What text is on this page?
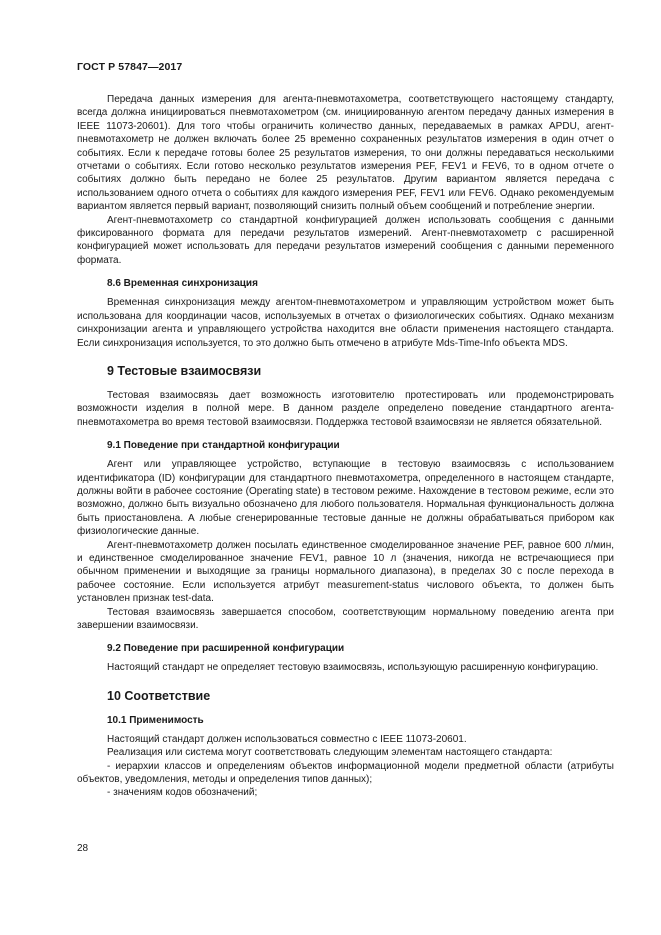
ГОСТ Р 57847—2017

Передача данных измерения для агента-пневмотахометра, соответствующего настоящему стандарту, всегда должна инициироваться пневмотахометром (см. инициированную агентом передачу данных измерения в IEEE 11073-20601). Для того чтобы ограничить количество данных, передаваемых в рамках APDU, агент-пневмотахометр не должен включать более 25 временно сохраненных результатов измерения в один отчет о событиях. Если к передаче готовы более 25 результатов измерения, то они должны передаваться несколькими отчетами о событиях. Если готово несколько результатов измерения PEF, FEV1 и FEV6, то в одном отчете о событиях должно быть передано не более 25 результатов. Другим вариантом является передача с использованием одного отчета о событиях для каждого измерения PEF, FEV1 или FEV6. Однако рекомендуемым вариантом является первый вариант, позволяющий снизить полный объем сообщений и потребление энергии.

Агент-пневмотахометр со стандартной конфигурацией должен использовать сообщения с данными фиксированного формата для передачи результатов измерений. Агент-пневмотахометр с расширенной конфигурацией может использовать для передачи результатов измерений сообщения с данными переменного формата.

8.6 Временная синхронизация

Временная синхронизация между агентом-пневмотахометром и управляющим устройством может быть использована для координации часов, используемых в отчетах о физиологических событиях. Однако механизм синхронизации агента и управляющего устройства находится вне области применения настоящего стандарта. Если синхронизация используется, то это должно быть отмечено в атрибуте Mds-Time-Info объекта MDS.

9 Тестовые взаимосвязи

Тестовая взаимосвязь дает возможность изготовителю протестировать или продемонстрировать возможности изделия в полной мере. В данном разделе определено поведение стандартного агента-пневмотахометра во время тестовой взаимосвязи. Поддержка тестовой взаимосвязи не является обязательной.

9.1 Поведение при стандартной конфигурации

Агент или управляющее устройство, вступающие в тестовую взаимосвязь с использованием идентификатора (ID) конфигурации для стандартного пневмотахометра, определенного в настоящем стандарте, должны войти в рабочее состояние (Operating state) в тестовом режиме. Нахождение в тестовом режиме, если это возможно, должно быть визуально обозначено для любого пользователя. Нормальная функциональность должна быть приостановлена. А любые сгенерированные тестовые данные не должны обрабатываться прибором как физиологические данные.

Агент-пневмотахометр должен посылать единственное смоделированное значение PEF, равное 600 л/мин, и единственное смоделированное значение FEV1, равное 10 л (значения, никогда не встречающиеся при обычном применении и выходящие за границы нормального диапазона), в пределах 30 с после перехода в рабочее состояние. Если используется атрибут measurement-status числового объекта, то должен быть установлен признак test-data.

Тестовая взаимосвязь завершается способом, соответствующим нормальному поведению агента при завершении взаимосвязи.

9.2 Поведение при расширенной конфигурации

Настоящий стандарт не определяет тестовую взаимосвязь, использующую расширенную конфигурацию.

10 Соответствие
10.1 Применимость

Настоящий стандарт должен использоваться совместно с IEEE 11073-20601.

Реализация или система могут соответствовать следующим элементам настоящего стандарта:

- иерархии классов и определениям объектов информационной модели предметной области (атрибуты объектов, уведомления, методы и определения типов данных);

- значениям кодов обозначений;

28
